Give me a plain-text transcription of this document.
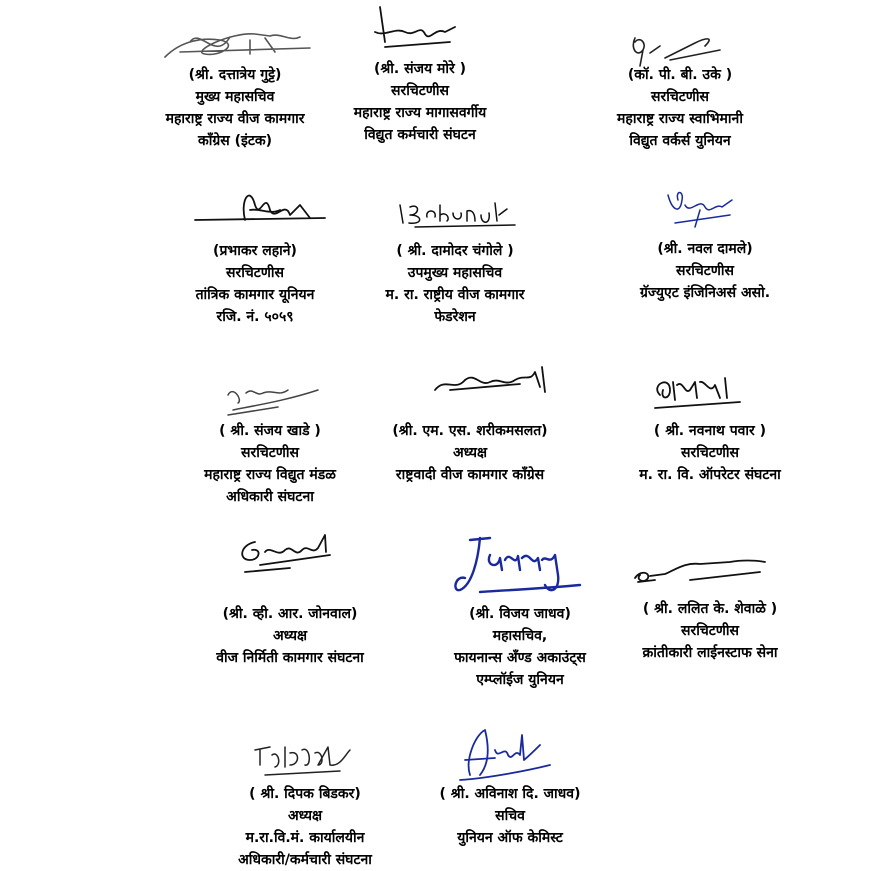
(श्री. दत्तात्रेय गुट्टे)
मुख्य महासचिव
महाराष्ट्र राज्य वीज कामगार
काँग्रेस (इंटक)
(श्री. संजय मोरे )
सरचिटणीस
महाराष्ट्र राज्य मागासवर्गीय
विद्युत कर्मचारी संघटन
(कॉ. पी. बी. उके )
सरचिटणीस
महाराष्ट्र राज्य स्वाभिमानी
विद्युत वर्कर्स युनियन
(प्रभाकर लहाने)
सरचिटणीस
तांत्रिक कामगार यूनियन
रजि. नं. ५०५९
( श्री. दामोदर चंगोले )
उपमुख्य महासचिव
म. रा. राष्ट्रीय वीज कामगार
फेडरेशन
(श्री. नवल दामले)
सरचिटणीस
ग्रॅज्युएट इंजिनिअर्स असो.
( श्री. संजय खाडे )
सरचिटणीस
महाराष्ट्र राज्य विद्युत मंडळ
अधिकारी संघटना
(श्री. एम. एस. शरीकमसलत)
अध्यक्ष
राष्ट्रवादी वीज कामगार काँग्रेस
( श्री. नवनाथ पवार )
सरचिटणीस
म. रा. वि. ऑपरेटर संघटना
(श्री. व्ही. आर. जोनवाल)
अध्यक्ष
वीज निर्मिती कामगार संघटना
(श्री. विजय जाधव)
महासचिव,
फायनान्स अँण्ड अकाउंट्स
एम्प्लॉईज युनियन
( श्री. ललित के. शेवाळे )
सरचिटणीस
क्रांतीकारी लाईनस्टाफ सेना
( श्री. दिपक बिडकर)
अध्यक्ष
म.रा.वि.मं. कार्यालयीन
अधिकारी/कर्मचारी संघटना
( श्री. अविनाश दि. जाधव)
सचिव
युनियन ऑफ केमिस्ट
